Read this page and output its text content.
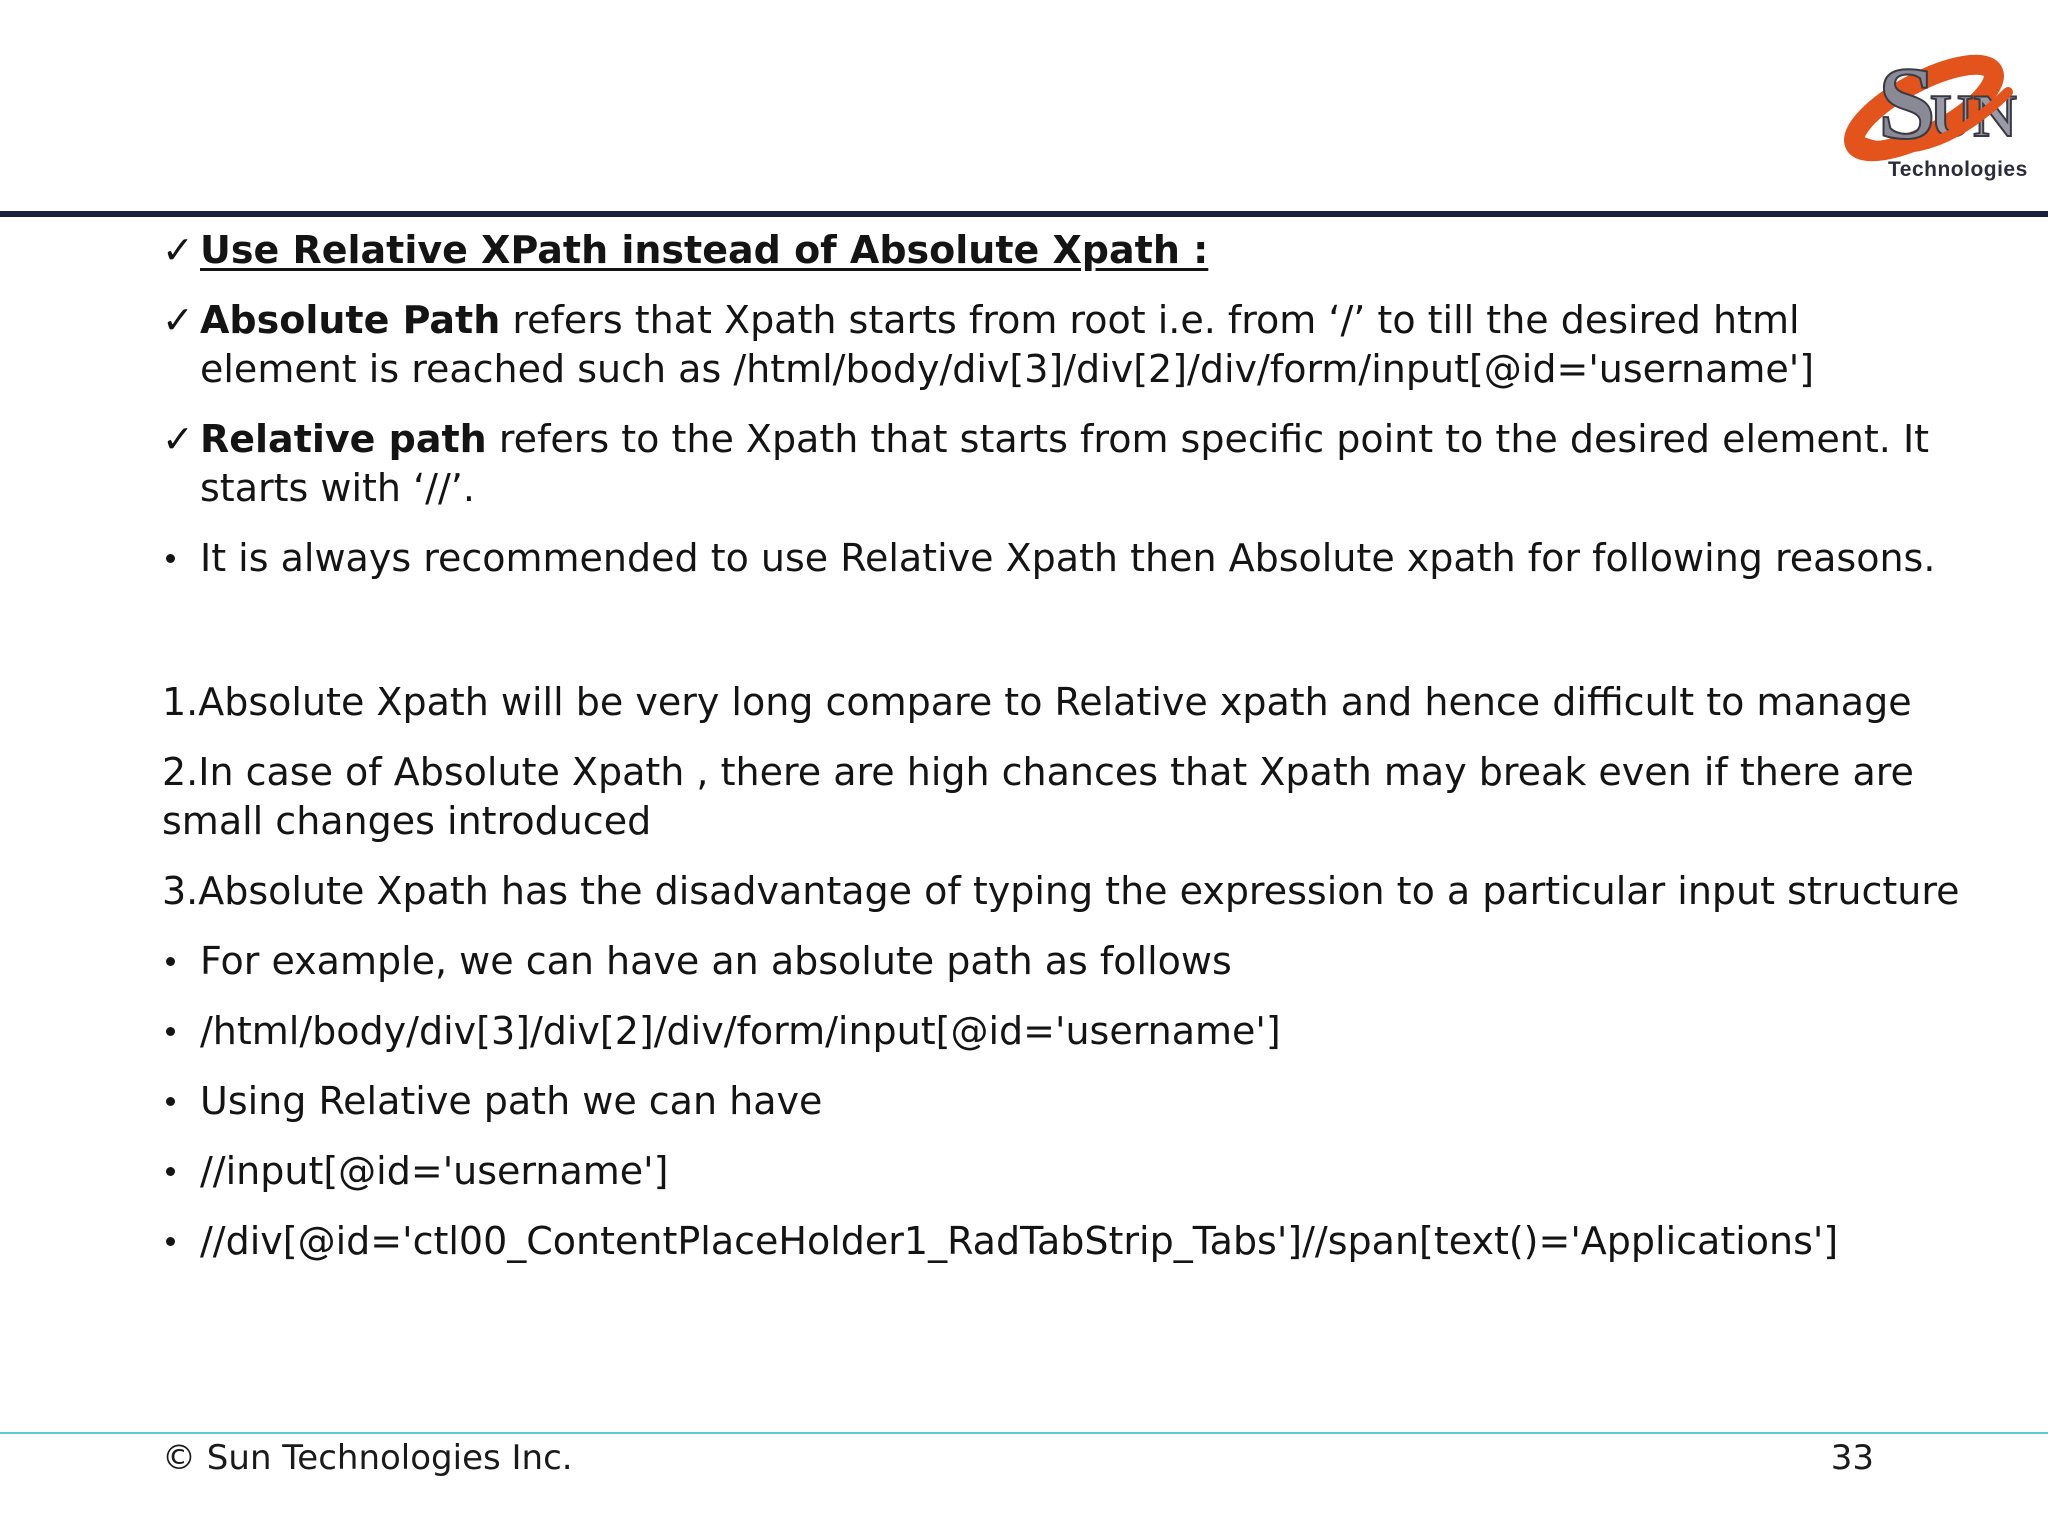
S
UN
Technologies
✓ Use Relative XPath instead of Absolute Xpath :
✓ Absolute Path refers that Xpath starts from root i.e. from ‘/’ to till the desired html
element is reached such as /html/body/div[3]/div[2]/div/form/input[@id='username']
✓ Relative path refers to the Xpath that starts from specific point to the desired element. It
starts with ‘//’.
It is always recommended to use Relative Xpath then Absolute xpath for following reasons.
1.Absolute Xpath will be very long compare to Relative xpath and hence difficult to manage
2.In case of Absolute Xpath , there are high chances that Xpath may break even if there are
small changes introduced
3.Absolute Xpath has the disadvantage of typing the expression to a particular input structure
For example, we can have an absolute path as follows
/html/body/div[3]/div[2]/div/form/input[@id='username']
Using Relative path we can have
//input[@id='username']
//div[@id='ctl00_ContentPlaceHolder1_RadTabStrip_Tabs']//span[text()='Applications']
© Sun Technologies Inc.	33
